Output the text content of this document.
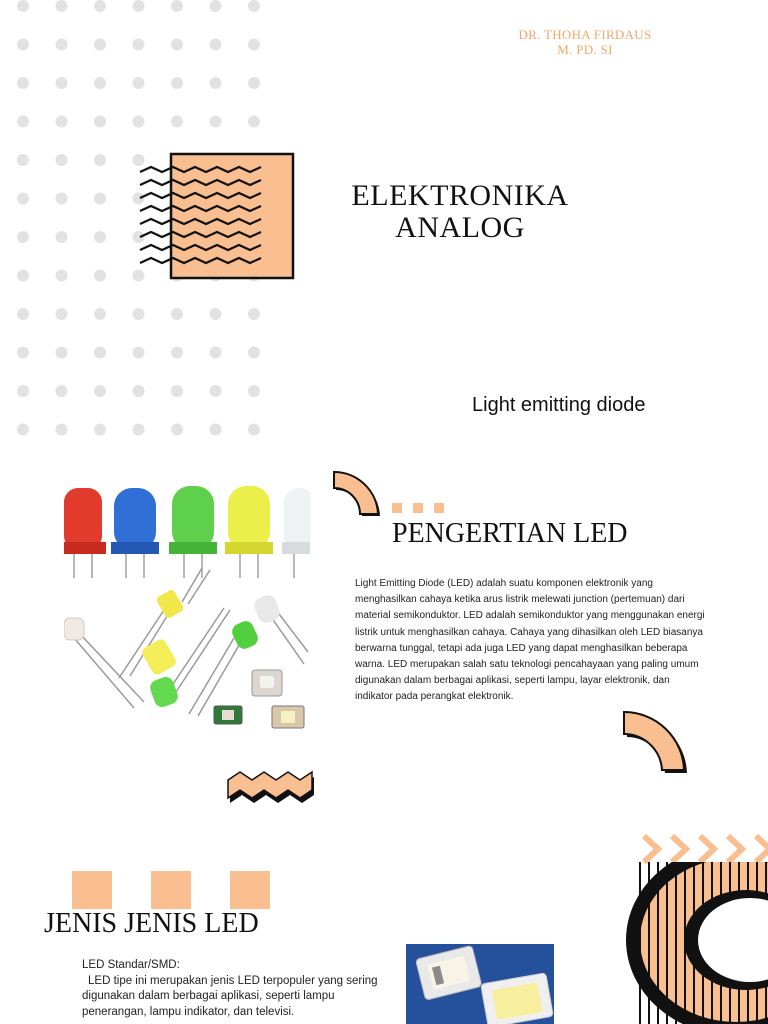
DR. THOHA FIRDAUS
M. PD. SI
ELEKTRONIKA
ANALOG
Light emitting diode
PENGERTIAN LED
Light Emitting Diode (LED) adalah suatu komponen elektronik yang menghasilkan cahaya ketika arus listrik melewati junction (pertemuan) dari material semikonduktor. LED adalah semikonduktor yang menggunakan energi listrik untuk menghasilkan cahaya. Cahaya yang dihasilkan oleh LED biasanya berwarna tunggal, tetapi ada juga LED yang dapat menghasilkan beberapa warna. LED merupakan salah satu teknologi pencahayaan yang paling umum digunakan dalam berbagai aplikasi, seperti lampu, layar elektronik, dan indikator pada perangkat elektronik.
JENIS JENIS LED
LED Standar/SMD:
LED tipe ini merupakan jenis LED terpopuler yang sering digunakan dalam berbagai aplikasi, seperti lampu penerangan, lampu indikator, dan televisi.
